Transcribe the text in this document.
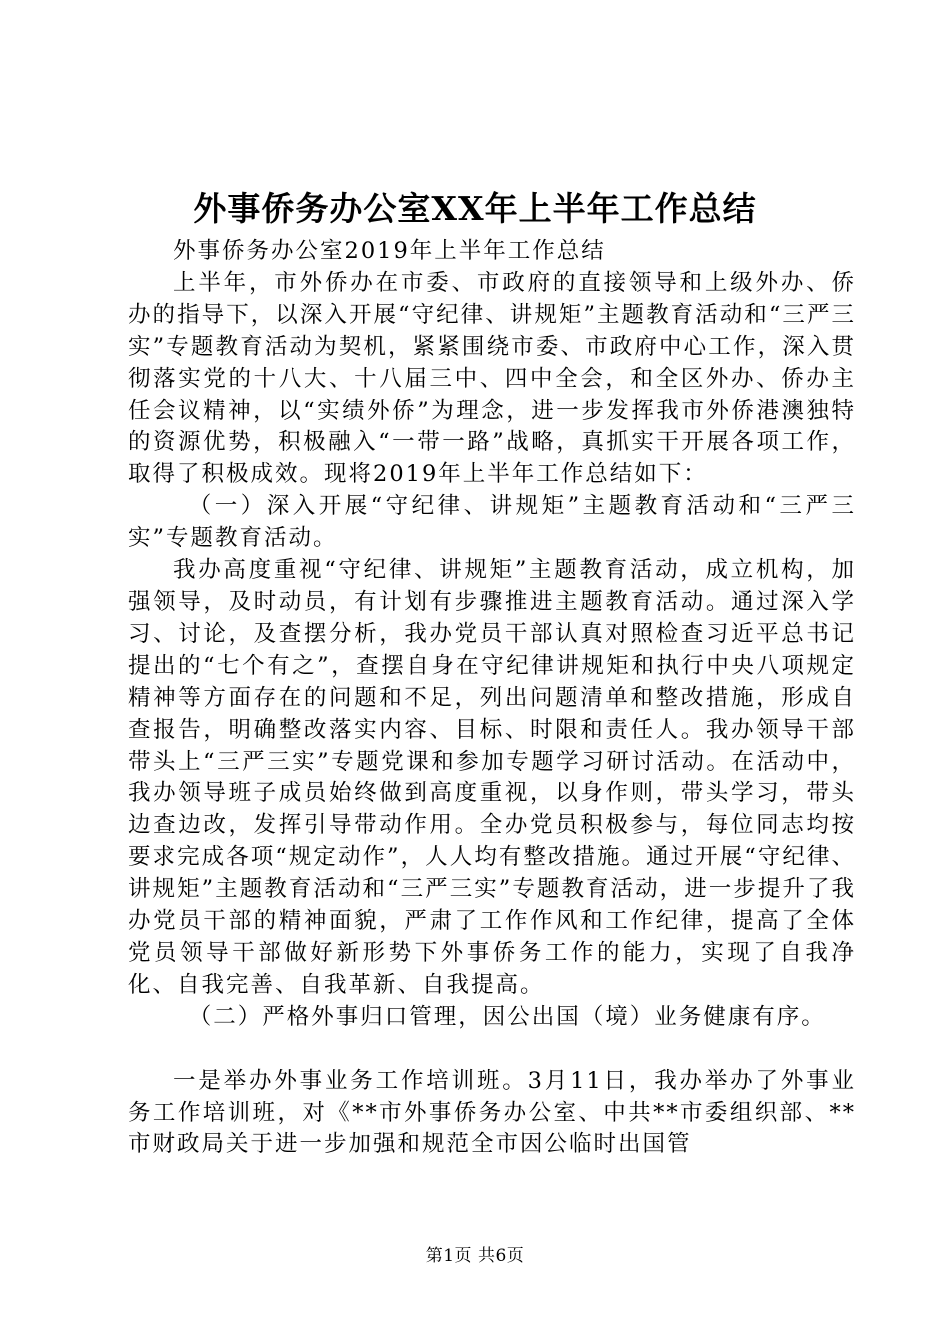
外事侨务办公室XX年上半年工作总结

外事侨务办公室2019年上半年工作总结

上半年，市外侨办在市委、市政府的直接领导和上级外办、侨办的指导下，以深入开展“守纪律、讲规矩”主题教育活动和“三严三实”专题教育活动为契机，紧紧围绕市委、市政府中心工作，深入贯彻落实党的十八大、十八届三中、四中全会，和全区外办、侨办主任会议精神，以“实绩外侨”为理念，进一步发挥我市外侨港澳独特的资源优势，积极融入“一带一路”战略，真抓实干开展各项工作，取得了积极成效。现将2019年上半年工作总结如下：

（一）深入开展“守纪律、讲规矩”主题教育活动和“三严三实”专题教育活动。

我办高度重视“守纪律、讲规矩”主题教育活动，成立机构，加强领导，及时动员，有计划有步骤推进主题教育活动。通过深入学习、讨论，及查摆分析，我办党员干部认真对照检查习近平总书记提出的“七个有之”，查摆自身在守纪律讲规矩和执行中央八项规定精神等方面存在的问题和不足，列出问题清单和整改措施，形成自查报告，明确整改落实内容、目标、时限和责任人。我办领导干部带头上“三严三实”专题党课和参加专题学习研讨活动。在活动中，我办领导班子成员始终做到高度重视，以身作则，带头学习，带头边查边改，发挥引导带动作用。全办党员积极参与，每位同志均按要求完成各项“规定动作”，人人均有整改措施。通过开展“守纪律、讲规矩”主题教育活动和“三严三实”专题教育活动，进一步提升了我办党员干部的精神面貌，严肃了工作作风和工作纪律，提高了全体党员领导干部做好新形势下外事侨务工作的能力，实现了自我净化、自我完善、自我革新、自我提高。

（二）严格外事归口管理，因公出国（境）业务健康有序。

一是举办外事业务工作培训班。3月11日，我办举办了外事业务工作培训班，对《**市外事侨务办公室、中共**市委组织部、**市财政局关于进一步加强和规范全市因公临时出国管

第1页 共6页
